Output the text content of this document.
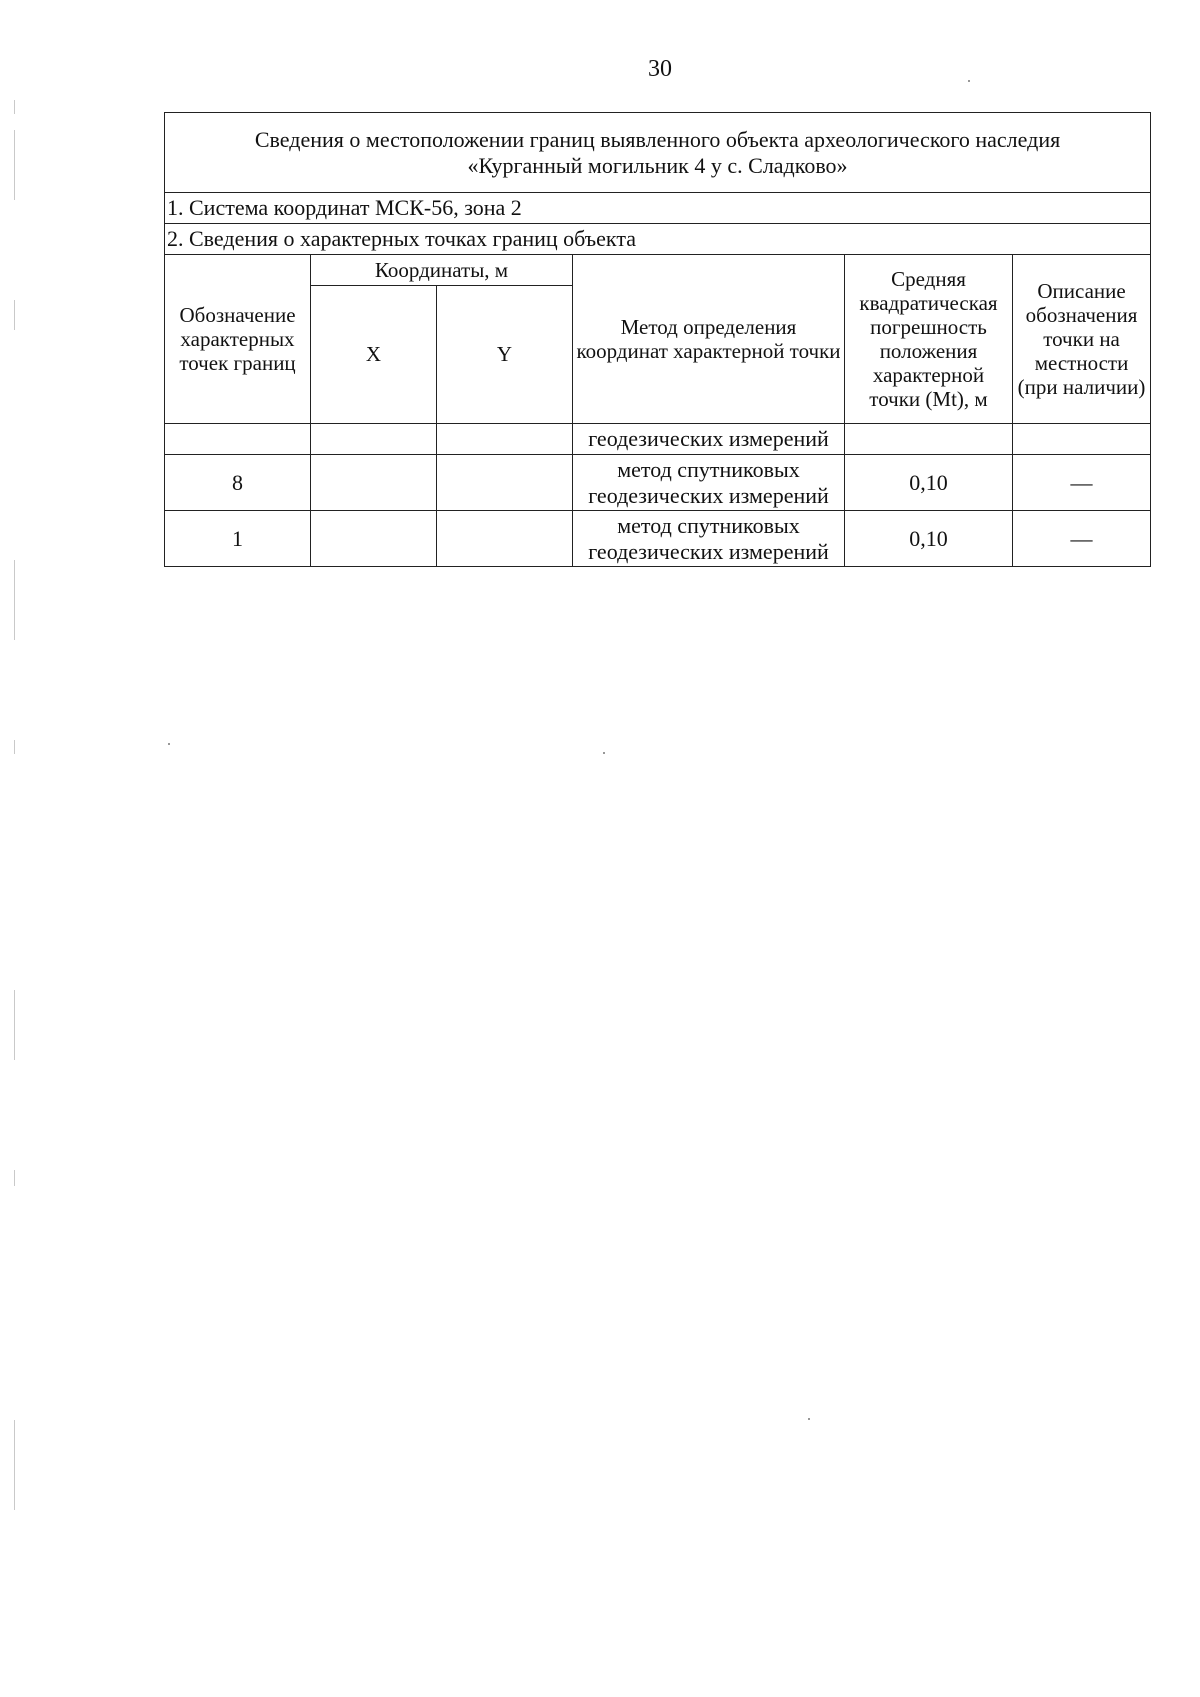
30
Сведения о местоположении границ выявленного объекта археологического наследия
«Курганный могильник 4 у с. Сладково»					

1. Система координат МСК-56, зона 2					
2. Сведения о характерных точках границ объекта					
Обозначение характерных точек границ	Координаты, м		Метод определения координат характерной точки	Средняя квадратическая погрешность положения характерной точки (Mt), м	Описание обозначения точки на местности (при наличии)
	X	Y			
			геодезических измерений		
8			метод спутниковых геодезических измерений	0,10	—
1			метод спутниковых геодезических измерений	0,10	—
